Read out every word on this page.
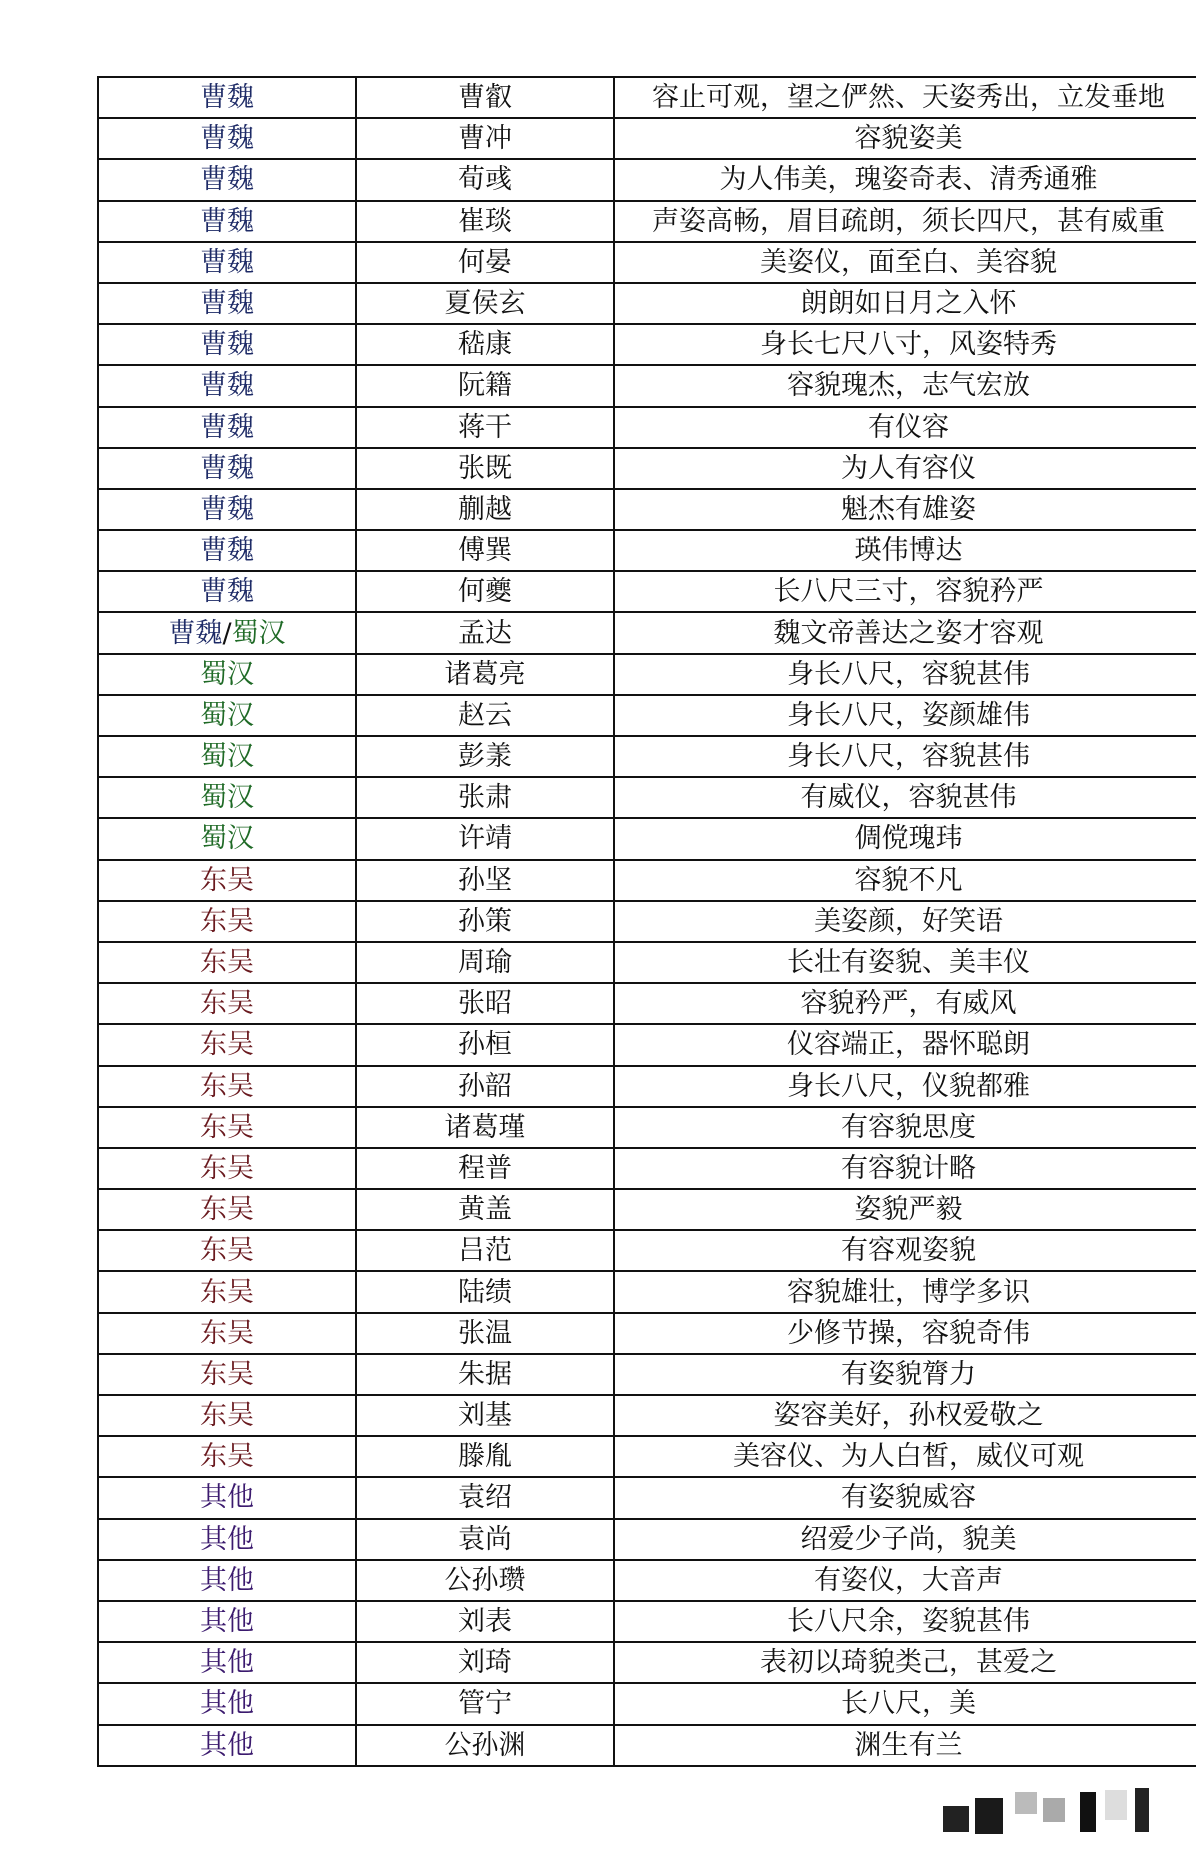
曹魏	曹叡	容止可观，望之俨然、天姿秀出，立发垂地
曹魏	曹冲	容貌姿美
曹魏	荀彧	为人伟美，瑰姿奇表、清秀通雅
曹魏	崔琰	声姿高畅，眉目疏朗，须长四尺，甚有威重
曹魏	何晏	美姿仪，面至白、美容貌
曹魏	夏侯玄	朗朗如日月之入怀
曹魏	嵇康	身长七尺八寸，风姿特秀
曹魏	阮籍	容貌瑰杰，志气宏放
曹魏	蒋干	有仪容
曹魏	张既	为人有容仪
曹魏	蒯越	魁杰有雄姿
曹魏	傅巽	瑛伟博达
曹魏	何夔	长八尺三寸，容貌矜严
曹魏/蜀汉	孟达	魏文帝善达之姿才容观
蜀汉	诸葛亮	身长八尺，容貌甚伟
蜀汉	赵云	身长八尺，姿颜雄伟
蜀汉	彭羕	身长八尺，容貌甚伟
蜀汉	张肃	有威仪，容貌甚伟
蜀汉	许靖	倜傥瑰玮
东吴	孙坚	容貌不凡
东吴	孙策	美姿颜，好笑语
东吴	周瑜	长壮有姿貌、美丰仪
东吴	张昭	容貌矜严，有威风
东吴	孙桓	仪容端正，器怀聪朗
东吴	孙韶	身长八尺，仪貌都雅
东吴	诸葛瑾	有容貌思度
东吴	程普	有容貌计略
东吴	黄盖	姿貌严毅
东吴	吕范	有容观姿貌
东吴	陆绩	容貌雄壮，博学多识
东吴	张温	少修节操，容貌奇伟
东吴	朱据	有姿貌膂力
东吴	刘基	姿容美好，孙权爱敬之
东吴	滕胤	美容仪、为人白皙，威仪可观
其他	袁绍	有姿貌威容
其他	袁尚	绍爱少子尚，貌美
其他	公孙瓒	有姿仪，大音声
其他	刘表	长八尺余，姿貌甚伟
其他	刘琦	表初以琦貌类己，甚爱之
其他	管宁	长八尺，美
其他	公孙渊	渊生有兰
